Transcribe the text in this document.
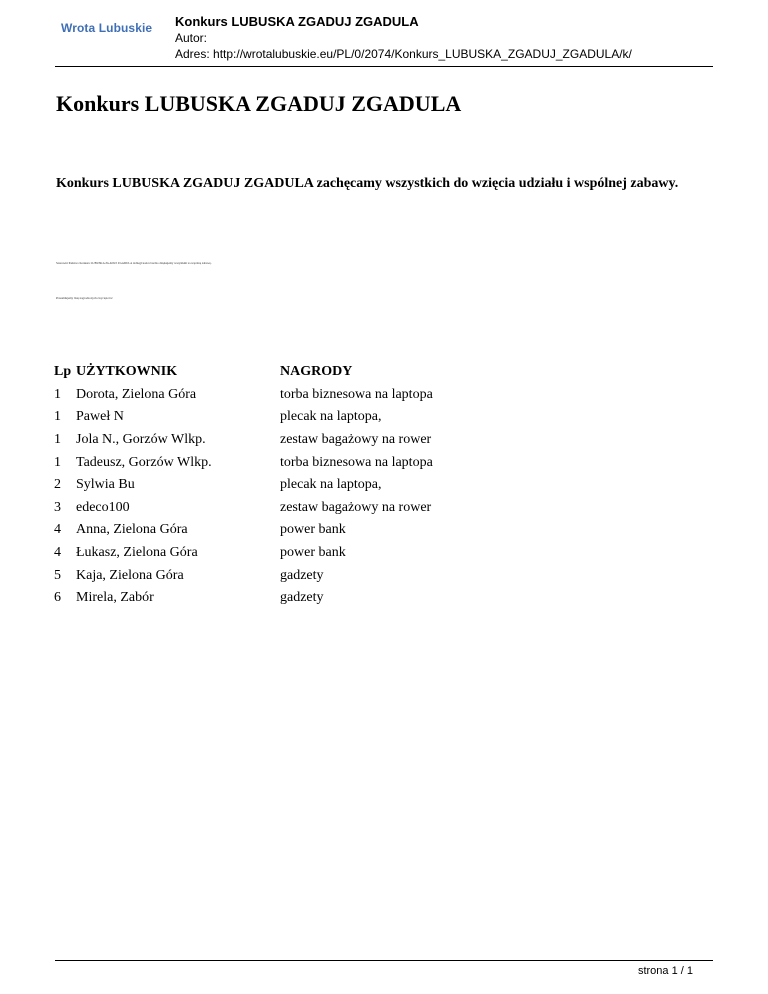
Wrota Lubuskie Konkurs LUBUSKA ZGADUJ ZGADULA
Autor:
Adres: http://wrotalubuskie.eu/PL/0/2074/Konkurs_LUBUSKA_ZGADUJ_ZGADULA/k/
Konkurs LUBUSKA ZGADUJ ZGADULA

Konkurs LUBUSKA ZGADUJ ZGADULA zachęcamy wszystkich do wzięcia udziału i wspólnej zabawy.

Szanowni Państwo Konkurs LUBUSKA ZGADUJ ZGADULA dobiegł końca bardzo dziękujemy wszystkim za wspólną zabawę.

Przesmłujemy listę nagrodzonych zwycięzców:

Lp	UŻYTKOWNIK	NAGRODY
1	Dorota, Zielona Góra	torba biznesowa na laptopa
1	Paweł N	plecak na laptopa,
1	Jola N., Gorzów Wlkp.	zestaw bagażowy na rower
1	Tadeusz, Gorzów Wlkp.	torba biznesowa na laptopa
2	Sylwia Bu	plecak na laptopa,
3	edeco100	zestaw bagażowy na rower
4	Anna, Zielona Góra	power bank
4	Łukasz, Zielona Góra	power bank
5	Kaja, Zielona Góra	gadzety
6	Mirela, Zabór	gadzety
strona 1 / 1
